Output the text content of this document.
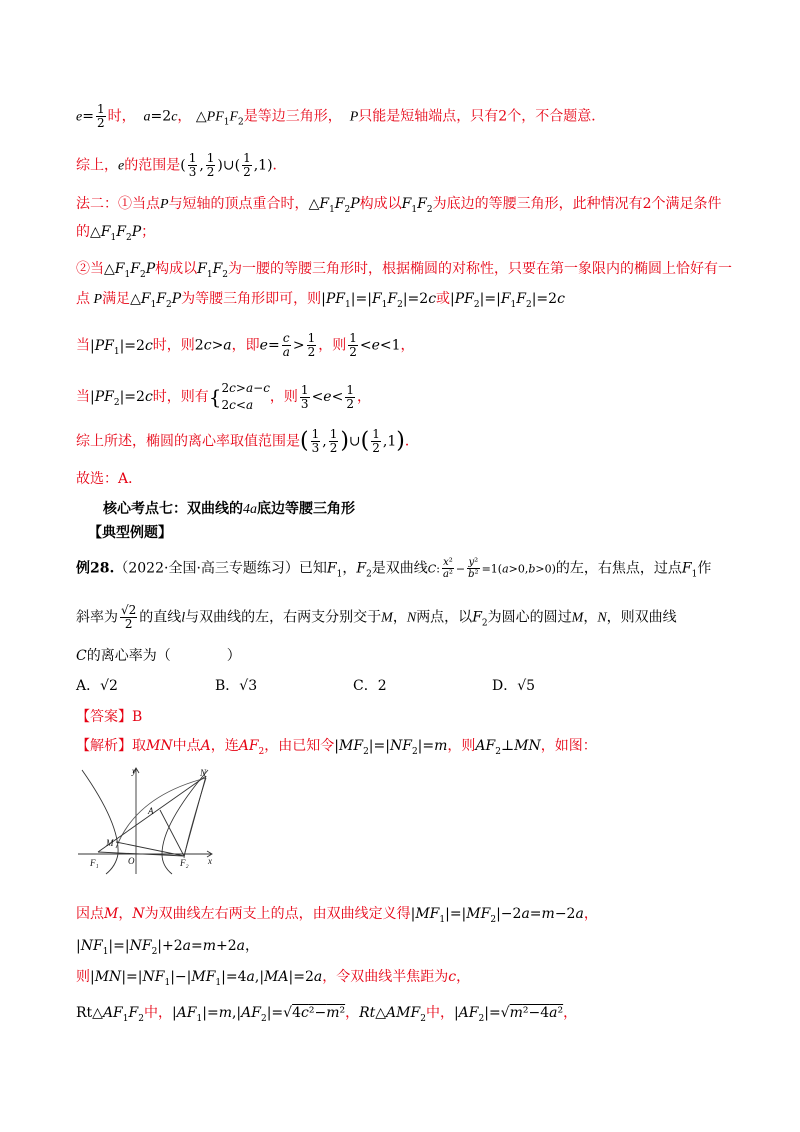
$e= \frac{1}{2}$ 时，  a=2c， $\triangle PF_1F_2$是等边三角形，  P只能是短轴端点，只有2个，不合题意．
综上，e的范围是( $\frac{1}{3}$ , $\frac{1}{2}$ )∪( $\frac{1}{2} ,1$)．
法二：①当点P与短轴的顶点重合时，$\triangle F_1F_2P$构成以$F_1F_2$为底边的等腰三角形，此种情况有2个满足条件
的$\triangle F_1F_2P$；
②当$\triangle F_1F_2P$构成以$F_1F_2$为一腰的等腰三角形时，根据椭圆的对称性，只要在第一象限内的椭圆上恰好有一
点 P满足$\triangle F_1F_2P$为等腰三角形即可，则$|PF_1|=|F_1F_2|=2c$或$|PF_2|=|F_1F_2|=2c$
当$|PF_1|=2c$时，则2c>a，即$e= \frac{c}{a} > \frac{1}{2}$ ，则 $\frac{1}{2} <e<1$，
当$|PF_2|=2c$时，则有{ 2c>a−c
2c<a	，则 $\frac{1}{3} <e< \frac{1}{2}$ ，
综上所述，椭圆的离心率取值范围是( $\frac{1}{3}$ , $\frac{1}{2}$ )∪( $\frac{1}{2} ,1$)．
故选：A．
核心考点七：双曲线的4a底边等腰三角形
【典型例题】
例28.（2022·全国·高三专题练习）已知$F_1$，$F_2$是双曲线C: $\frac{\text{x²}}{\text{a²}} - \frac{\text{y²}}{\text{b²}} =1(a>0,b>0)$的左，右焦点，过点$F_1$作
斜率为 $\frac{√2}{2}$ 的直线l与双曲线的左，右两支分别交于M，N两点，以$F_2$为圆心的圆过M，N，则双曲线
C的离心率为（　　　　）
A．√2	B．√3	C．2	D．√5
【答案】B
【解析】取MN中点A，连$AF_2$，由已知令$|MF_2|=|NF_2|=m$，则$AF_2\perp MN$，如图：
y	N
A
M
F₁	O	F₂ x
因点M，N为双曲线左右两支上的点，由双曲线定义得$|MF_1|=|MF_2|-2a=m-2a$，
$|NF_1|=|NF_2|+2a=m+2a$，
则$|MN|=|NF_1|-|MF_1|=4a,|MA|=2a$，令双曲线半焦距为c，
$Rt\triangle AF_1F_2$中，$|AF_1|=m,|AF_2|=√4c^2-m^2$，$Rt\triangle AMF_2$中，$|AF_2|=√m^2-4a^2$，
